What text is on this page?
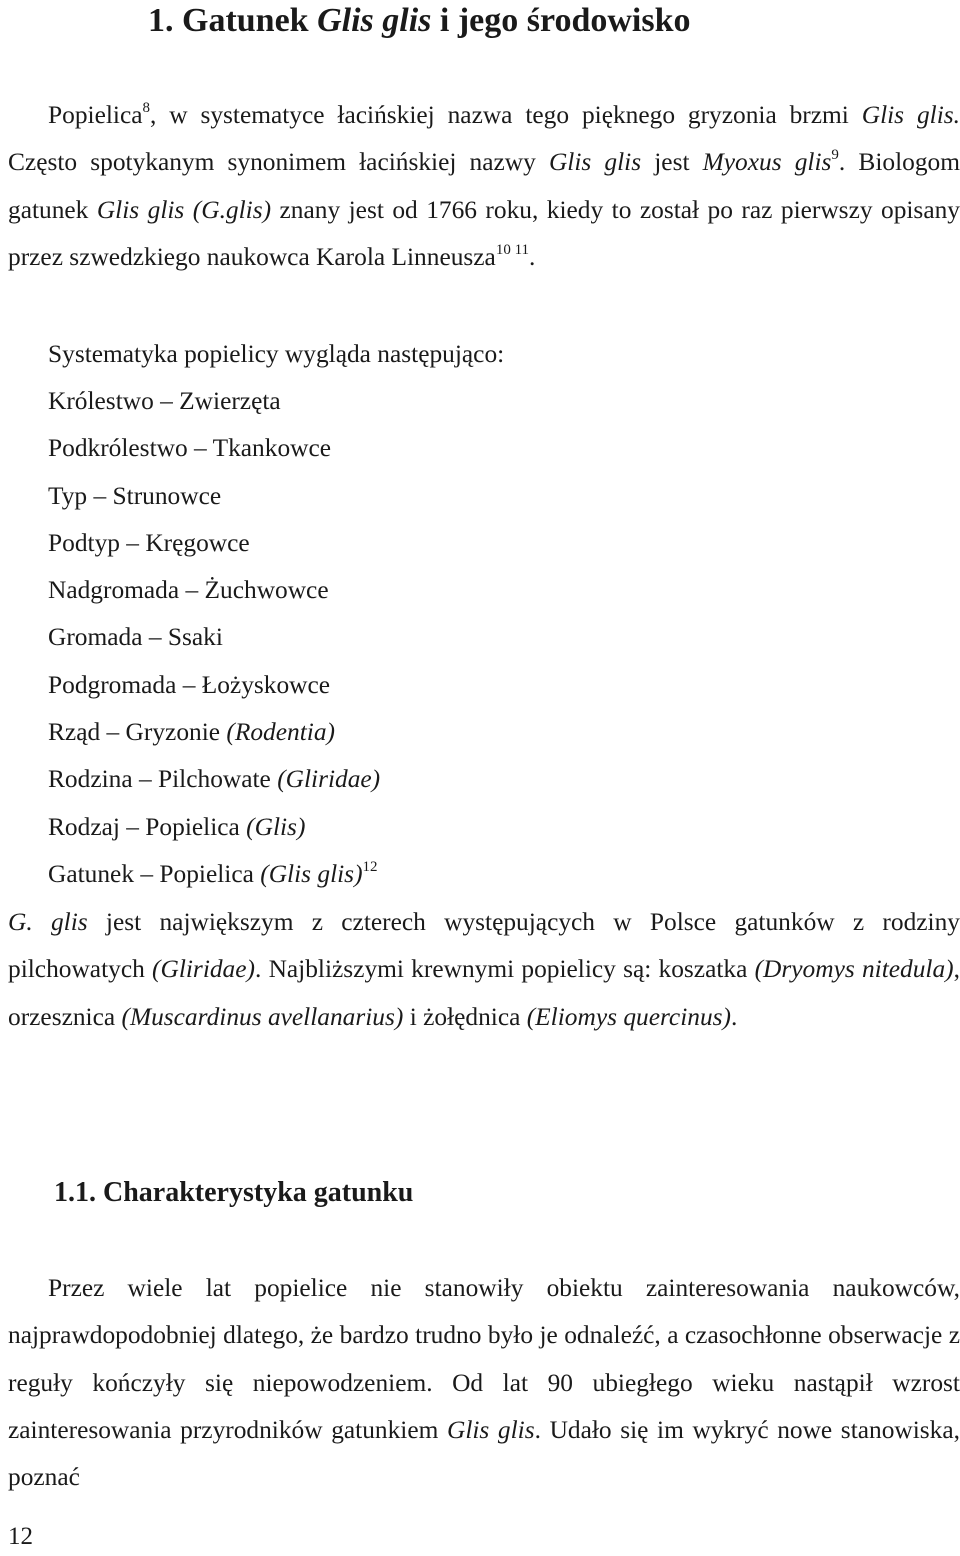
1. Gatunek Glis glis i jego środowisko

Popielica$^8$, w systematyce łacińskiej nazwa tego pięknego gryzonia brzmi Glis glis. Często spotykanym synonimem łacińskiej nazwy Glis glis jest Myoxus glis$^9$. Biologom gatunek Glis glis (G.glis) znany jest od 1766 roku, kiedy to został po raz pierwszy opisany przez szwedzkiego naukowca Karola Linneusza$^{10 11}$.

Systematyka popielicy wygląda następująco:
Królestwo – Zwierzęta
Podkrólestwo – Tkankowce
Typ – Strunowce
Podtyp – Kręgowce
Nadgromada – Żuchwowce
Gromada – Ssaki
Podgromada – Łożyskowce
Rząd – Gryzonie (Rodentia)
Rodzina – Pilchowate (Gliridae)
Rodzaj – Popielica (Glis)
Gatunek – Popielica (Glis glis)$^{12}$

G. glis jest największym z czterech występujących w Polsce gatunków z rodziny pilchowatych (Gliridae). Najbliższymi krewnymi popielicy są: koszatka (Dryomys nitedula), orzesznica (Muscardinus avellanarius) i żołędnica (Eliomys quercinus).

1.1. Charakterystyka gatunku

Przez wiele lat popielice nie stanowiły obiektu zainteresowania naukowców, najprawdopodobniej dlatego, że bardzo trudno było je odnaleźć, a czasochłonne obserwacje z reguły kończyły się niepowodzeniem. Od lat 90 ubiegłego wieku nastąpił wzrost zainteresowania przyrodników gatunkiem Glis glis. Udało się im wykryć nowe stanowiska, poznać

12
